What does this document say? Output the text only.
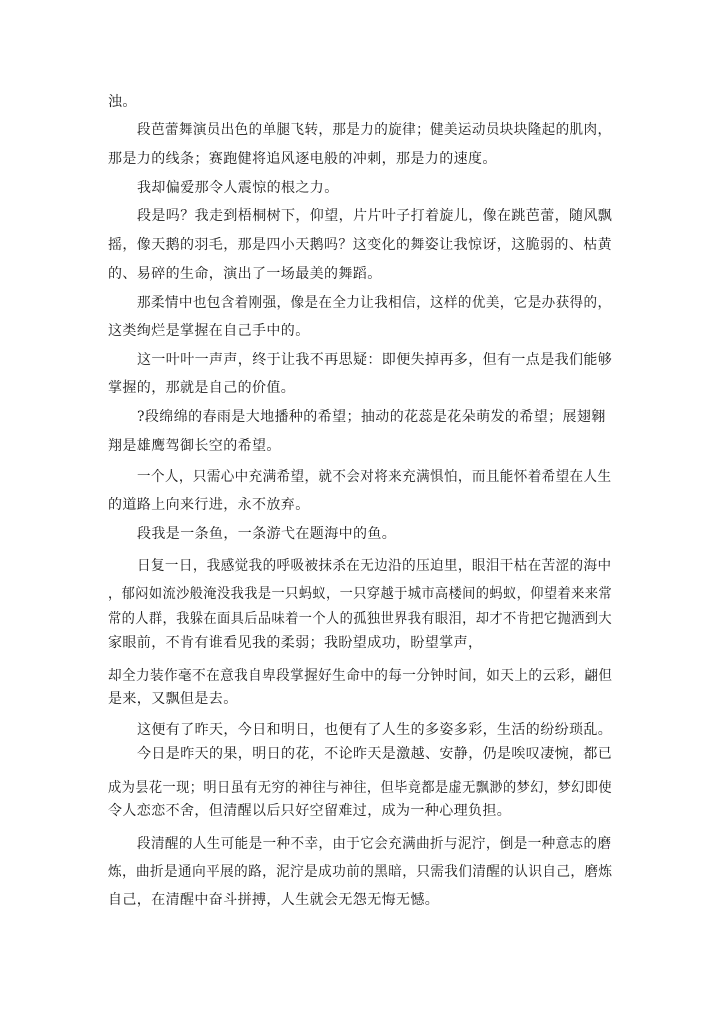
浊。
段芭蕾舞演员出色的单腿飞转，那是力的旋律；健美运动员块块隆起的肌肉，
那是力的线条；赛跑健将追风逐电般的冲刺，那是力的速度。
我却偏爱那令人震惊的根之力。
段是吗？我走到梧桐树下，仰望，片片叶子打着旋儿，像在跳芭蕾，随风飘
摇，像天鹅的羽毛，那是四小天鹅吗？这变化的舞姿让我惊讶，这脆弱的、枯黄
的、易碎的生命，演出了一场最美的舞蹈。
那柔情中也包含着刚强，像是在全力让我相信，这样的优美，它是办获得的，
这类绚烂是掌握在自己手中的。
这一叶叶一声声，终于让我不再思疑：即便失掉再多，但有一点是我们能够
掌握的，那就是自己的价值。
?段绵绵的春雨是大地播种的希望；抽动的花蕊是花朵萌发的希望；展翅翱
翔是雄鹰驾御长空的希望。
一个人，只需心中充满希望，就不会对将来充满惧怕，而且能怀着希望在人生
的道路上向来行进，永不放弃。
段我是一条鱼，一条游弋在题海中的鱼。
日复一日，我感觉我的呼吸被抹杀在无边沿的压迫里，眼泪干枯在苦涩的海中
，郁闷如流沙般淹没我我是一只蚂蚁，一只穿越于城市高楼间的蚂蚁，仰望着来来常
常的人群，我躲在面具后品味着一个人的孤独世界我有眼泪，却才不肯把它抛洒到大
家眼前，不肯有谁看见我的柔弱；我盼望成功，盼望掌声，
却全力装作毫不在意我自卑段掌握好生命中的每一分钟时间，如天上的云彩，翩但
是来，又飘但是去。
这便有了昨天，今日和明日，也便有了人生的多姿多彩，生活的纷纷琐乱。
今日是昨天的果，明日的花，不论昨天是激越、安静，仍是唉叹凄惋，都已
成为昙花一现；明日虽有无穷的神往与神往，但毕竟都是虚无飘渺的梦幻，梦幻即使
令人恋恋不舍，但清醒以后只好空留难过，成为一种心理负担。
段清醒的人生可能是一种不幸，由于它会充满曲折与泥泞，倒是一种意志的磨
炼，曲折是通向平展的路，泥泞是成功前的黑暗，只需我们清醒的认识自己，磨炼
自己，在清醒中奋斗拼搏，人生就会无怨无悔无憾。
